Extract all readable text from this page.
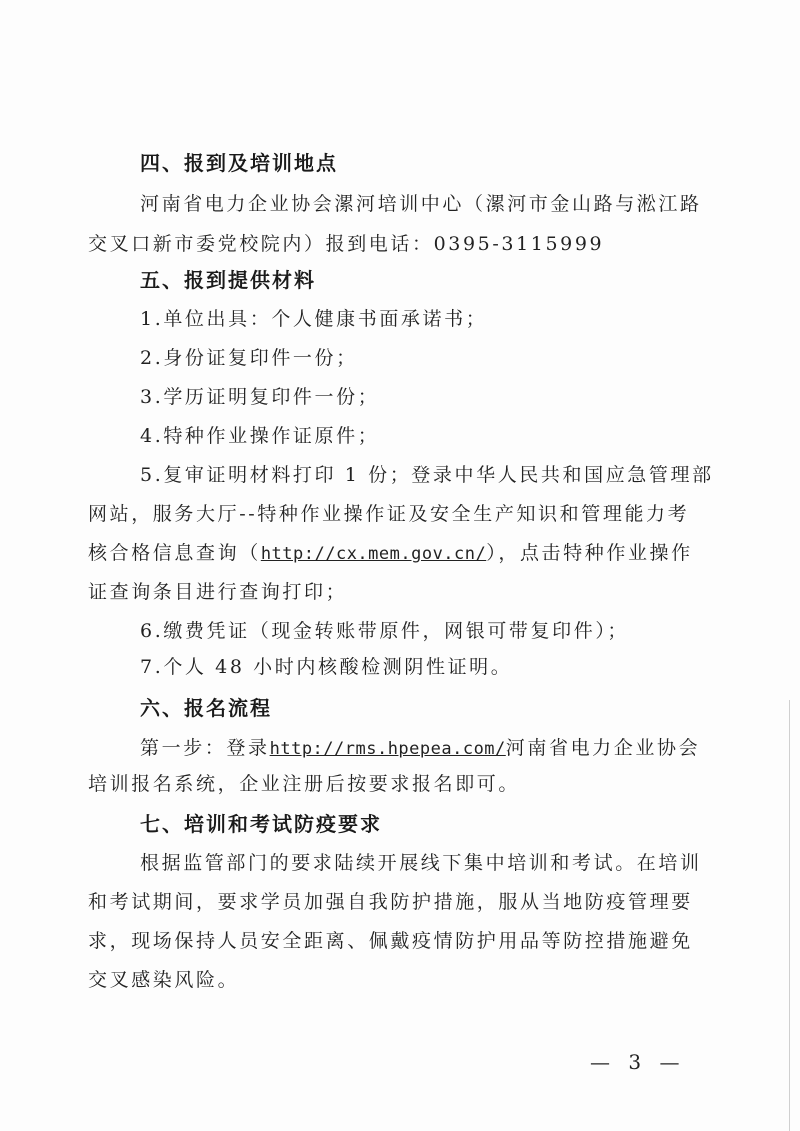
四、报到及培训地点
河南省电力企业协会漯河培训中心（漯河市金山路与淞江路
交叉口新市委党校院内）报到电话：0395-3115999
五、报到提供材料
1.单位出具：个人健康书面承诺书；
2.身份证复印件一份；
3.学历证明复印件一份；
4.特种作业操作证原件；
5.复审证明材料打印 1 份；登录中华人民共和国应急管理部
网站，服务大厅--特种作业操作证及安全生产知识和管理能力考
核合格信息查询（http://cx.mem.gov.cn/），点击特种作业操作
证查询条目进行查询打印；
6.缴费凭证（现金转账带原件，网银可带复印件）；
7.个人 48 小时内核酸检测阴性证明。
六、报名流程
第一步：登录http://rms.hpepea.com/河南省电力企业协会
培训报名系统，企业注册后按要求报名即可。
七、培训和考试防疫要求
根据监管部门的要求陆续开展线下集中培训和考试。在培训
和考试期间，要求学员加强自我防护措施，服从当地防疫管理要
求，现场保持人员安全距离、佩戴疫情防护用品等防控措施避免
交叉感染风险。
— 3 —
